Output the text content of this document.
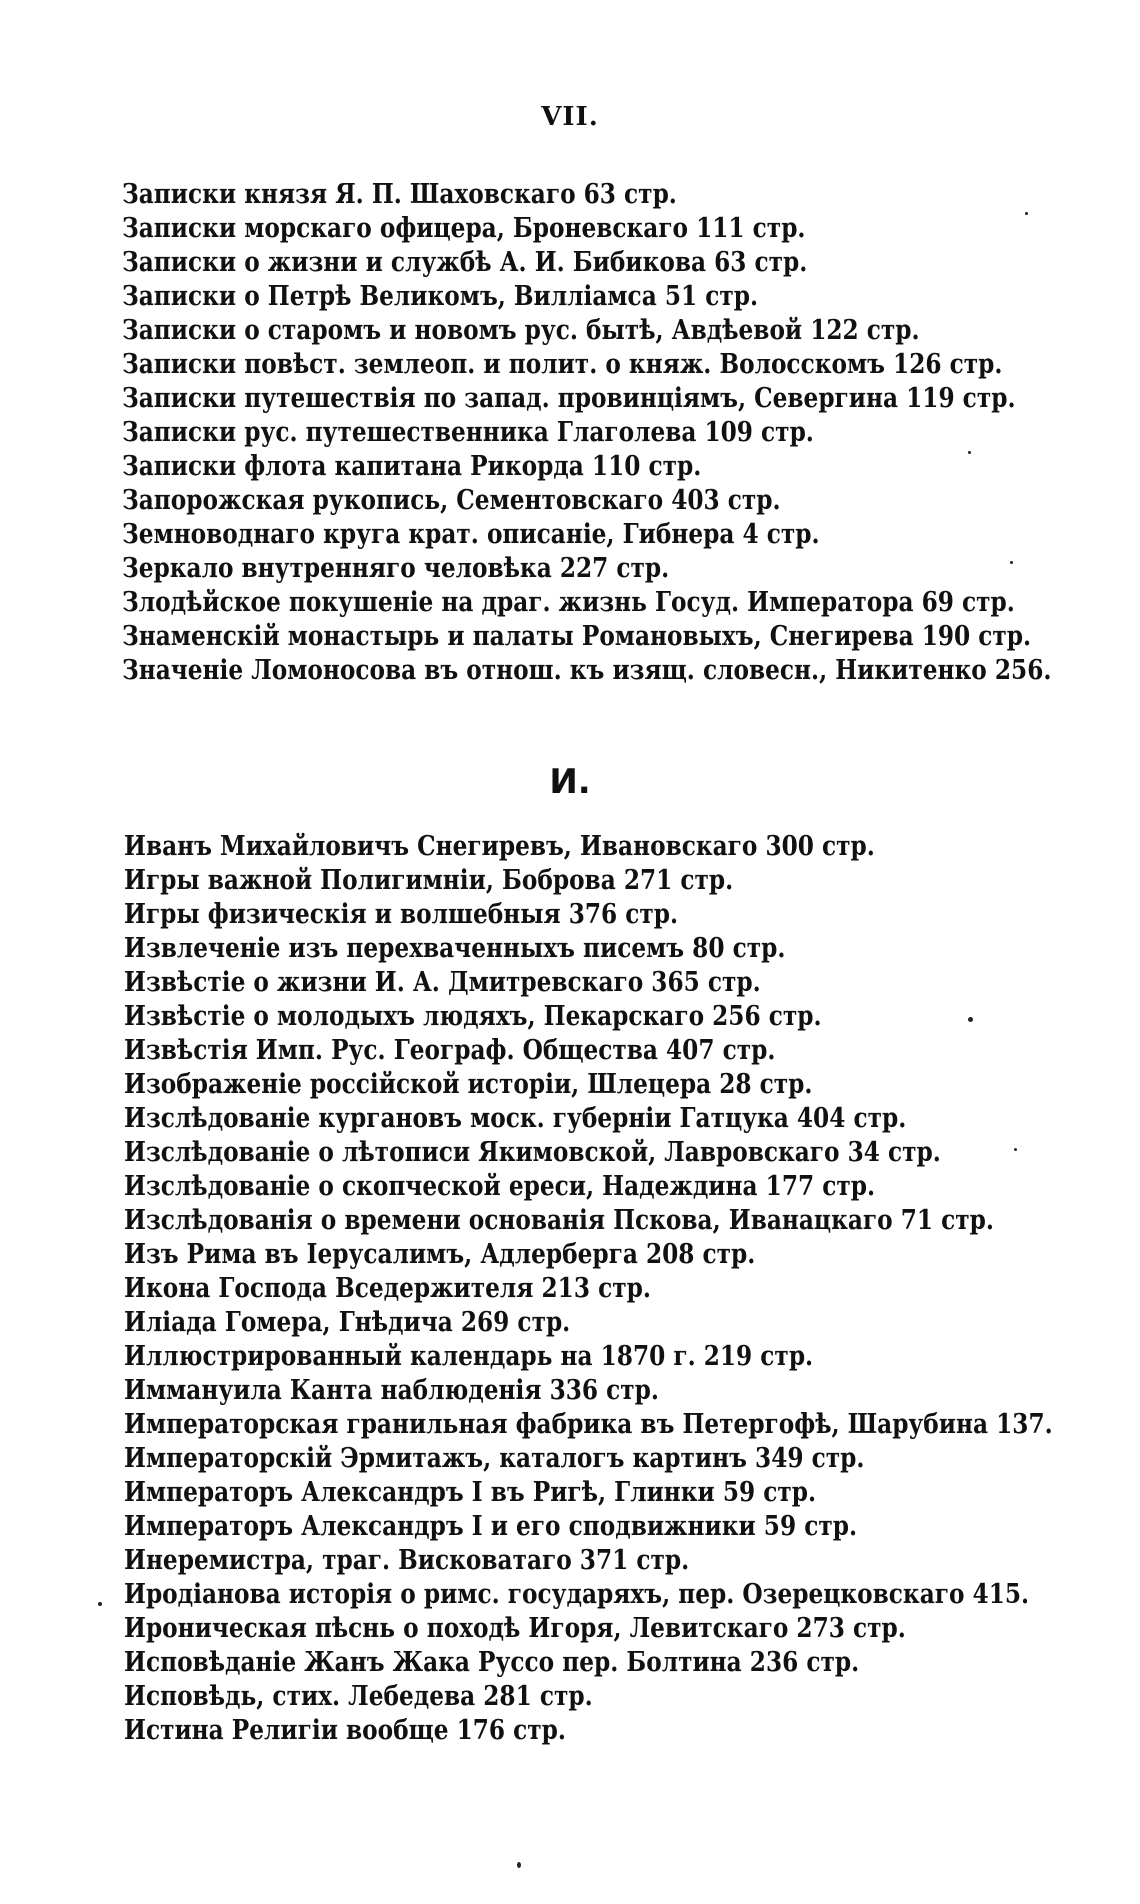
VII.
Записки князя Я. П. Шаховскаго 63 стр.
Записки морскаго офицера, Броневскаго 111 стр.
Записки о жизни и службѣ А. И. Бибикова 63 стр.
Записки о Петрѣ Великомъ, Вилліамса 51 стр.
Записки о старомъ и новомъ рус. бытѣ, Авдѣевой 122 стр.
Записки повѣст. землеоп. и полит. о княж. Волосскомъ 126 стр.
Записки путешествія по запад. провинціямъ, Севергина 119 стр.
Записки рус. путешественника Глаголева 109 стр.
Записки флота капитана Рикорда 110 стр.
Запорожская рукопись, Сементовскаго 403 стр.
Земноводнаго круга крат. описаніе, Гибнера 4 стр.
Зеркало внутренняго человѣка 227 стр.
Злодѣйское покушеніе на драг. жизнь Госуд. Императора 69 стр.
Знаменскій монастырь и палаты Романовыхъ, Снегирева 190 стр.
Значеніе Ломоносова въ отнош. къ изящ. словесн., Никитенко 256.
И.
Иванъ Михайловичъ Снегиревъ, Ивановскаго 300 стр.
Игры важной Полигимніи, Боброва 271 стр.
Игры физическія и волшебныя 376 стр.
Извлеченіе изъ перехваченныхъ писемъ 80 стр.
Извѣстіе о жизни И. А. Дмитревскаго 365 стр.
Извѣстіе о молодыхъ людяхъ, Пекарскаго 256 стр.
Извѣстія Имп. Рус. Географ. Общества 407 стр.
Изображеніе россійской исторіи, Шлецера 28 стр.
Изслѣдованіе кургановъ моск. губерніи Гатцука 404 стр.
Изслѣдованіе о лѣтописи Якимовской, Лавровскаго 34 стр.
Изслѣдованіе о скопческой ереси, Надеждина 177 стр.
Изслѣдованія о времени основанія Пскова, Иванацкаго 71 стр.
Изъ Рима въ Іерусалимъ, Адлерберга 208 стр.
Икона Господа Вседержителя 213 стр.
Иліада Гомера, Гнѣдича 269 стр.
Иллюстрированный календарь на 1870 г. 219 стр.
Иммануила Канта наблюденія 336 стр.
Императорская гранильная фабрика въ Петергофѣ, Шарубина 137.
Императорскій Эрмитажъ, каталогъ картинъ 349 стр.
Императоръ Александръ I въ Ригѣ, Глинки 59 стр.
Императоръ Александръ I и его сподвижники 59 стр.
Инеремистра, траг. Висковатаго 371 стр.
Иродіанова исторія о римс. государяхъ, пер. Озерецковскаго 415.
Ироническая пѣснь о походѣ Игоря, Левитскаго 273 стр.
Исповѣданіе Жанъ Жака Руссо пер. Болтина 236 стр.
Исповѣдь, стих. Лебедева 281 стр.
Истина Религіи вообще 176 стр.
